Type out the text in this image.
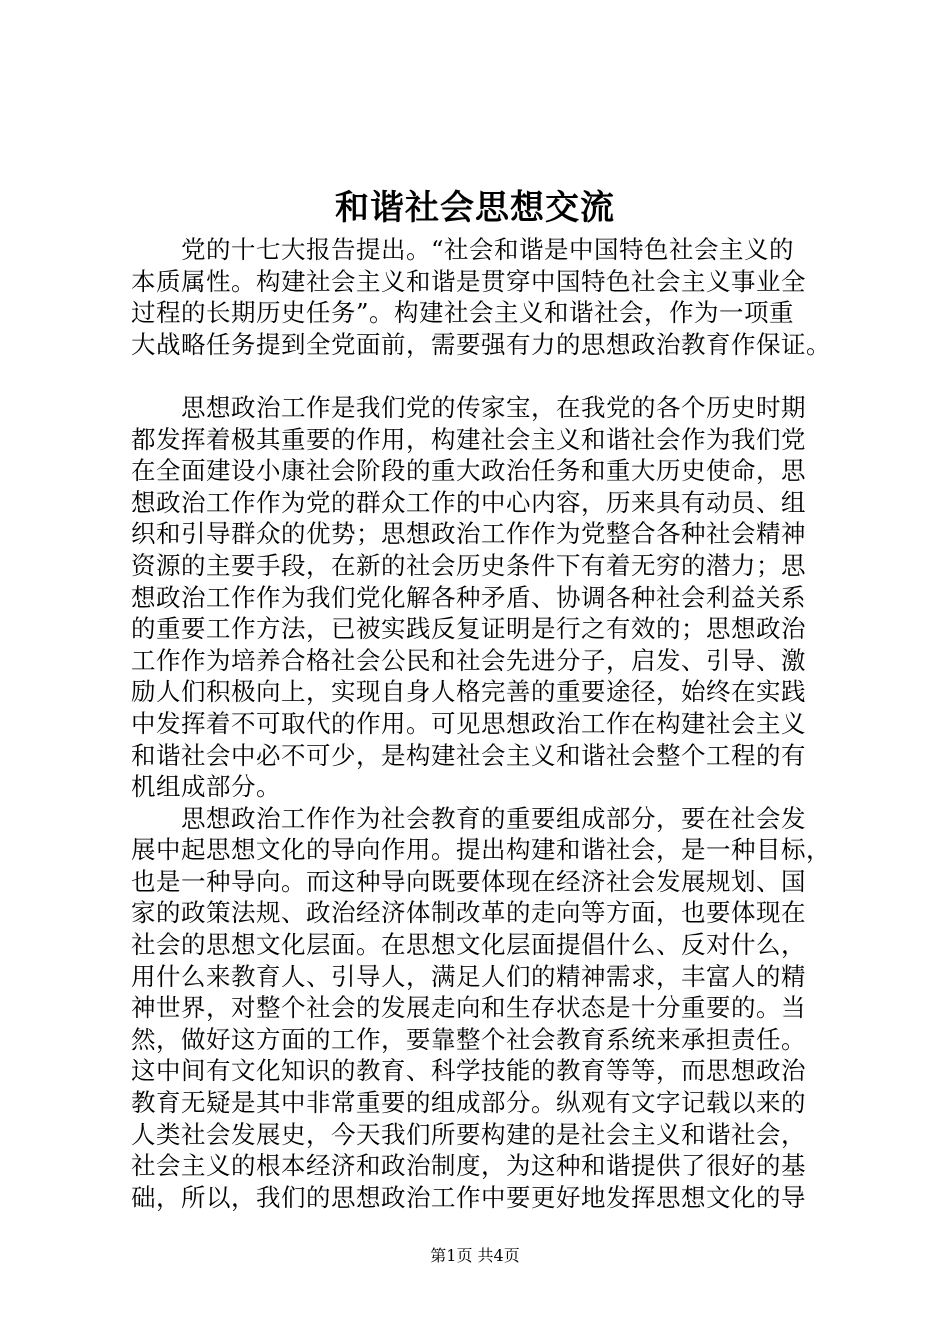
和谐社会思想交流
　　党的十七大报告提出。“社会和谐是中国特色社会主义的
本质属性。构建社会主义和谐是贯穿中国特色社会主义事业全
过程的长期历史任务”。构建社会主义和谐社会，作为一项重
大战略任务提到全党面前，需要强有力的思想政治教育作保证。
　　思想政治工作是我们党的传家宝，在我党的各个历史时期
都发挥着极其重要的作用，构建社会主义和谐社会作为我们党
在全面建设小康社会阶段的重大政治任务和重大历史使命，思
想政治工作作为党的群众工作的中心内容，历来具有动员、组
织和引导群众的优势；思想政治工作作为党整合各种社会精神
资源的主要手段，在新的社会历史条件下有着无穷的潜力；思
想政治工作作为我们党化解各种矛盾、协调各种社会利益关系
的重要工作方法，已被实践反复证明是行之有效的；思想政治
工作作为培养合格社会公民和社会先进分子，启发、引导、激
励人们积极向上，实现自身人格完善的重要途径，始终在实践
中发挥着不可取代的作用。可见思想政治工作在构建社会主义
和谐社会中必不可少，是构建社会主义和谐社会整个工程的有
机组成部分。
　　思想政治工作作为社会教育的重要组成部分，要在社会发
展中起思想文化的导向作用。提出构建和谐社会，是一种目标，
也是一种导向。而这种导向既要体现在经济社会发展规划、国
家的政策法规、政治经济体制改革的走向等方面，也要体现在
社会的思想文化层面。在思想文化层面提倡什么、反对什么，
用什么来教育人、引导人，满足人们的精神需求，丰富人的精
神世界，对整个社会的发展走向和生存状态是十分重要的。当
然，做好这方面的工作，要靠整个社会教育系统来承担责任。
这中间有文化知识的教育、科学技能的教育等等，而思想政治
教育无疑是其中非常重要的组成部分。纵观有文字记载以来的
人类社会发展史，今天我们所要构建的是社会主义和谐社会，
社会主义的根本经济和政治制度，为这种和谐提供了很好的基
础，所以，我们的思想政治工作中要更好地发挥思想文化的导
第1页 共4页
